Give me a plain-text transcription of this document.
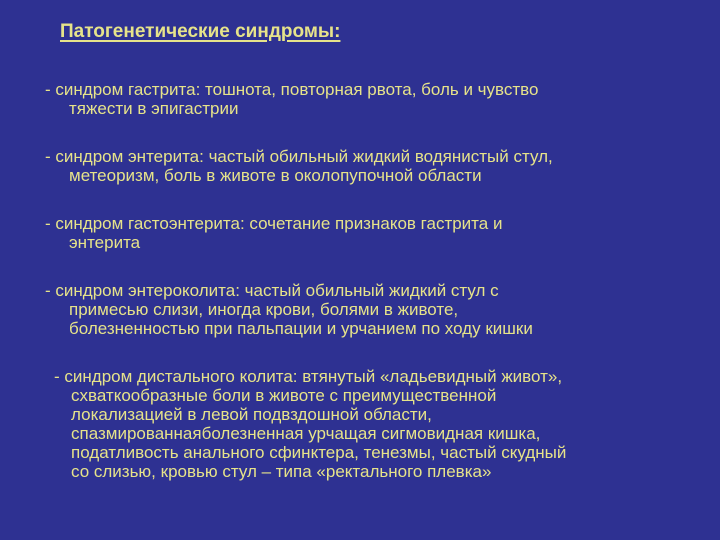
Патогенетические синдромы:
- синдром гастрита: тошнота, повторная рвота, боль и чувство
тяжести в эпигастрии
- синдром энтерита: частый обильный жидкий водянистый стул,
метеоризм, боль в животе в околопупочной области
- синдром гастоэнтерита: сочетание признаков гастрита и
энтерита
- синдром энтероколита: частый обильный жидкий стул с
примесью слизи, иногда крови, болями в животе,
болезненностью при пальпации и урчанием по ходу кишки
- синдром дистального колита: втянутый «ладьевидный живот»,
схваткообразные боли в животе с преимущественной
локализацией в левой подвздошной области,
спазмированнаяболезненная урчащая сигмовидная кишка,
податливость анального сфинктера, тенезмы, частый скудный
со слизью, кровью стул – типа «ректального плевка»
